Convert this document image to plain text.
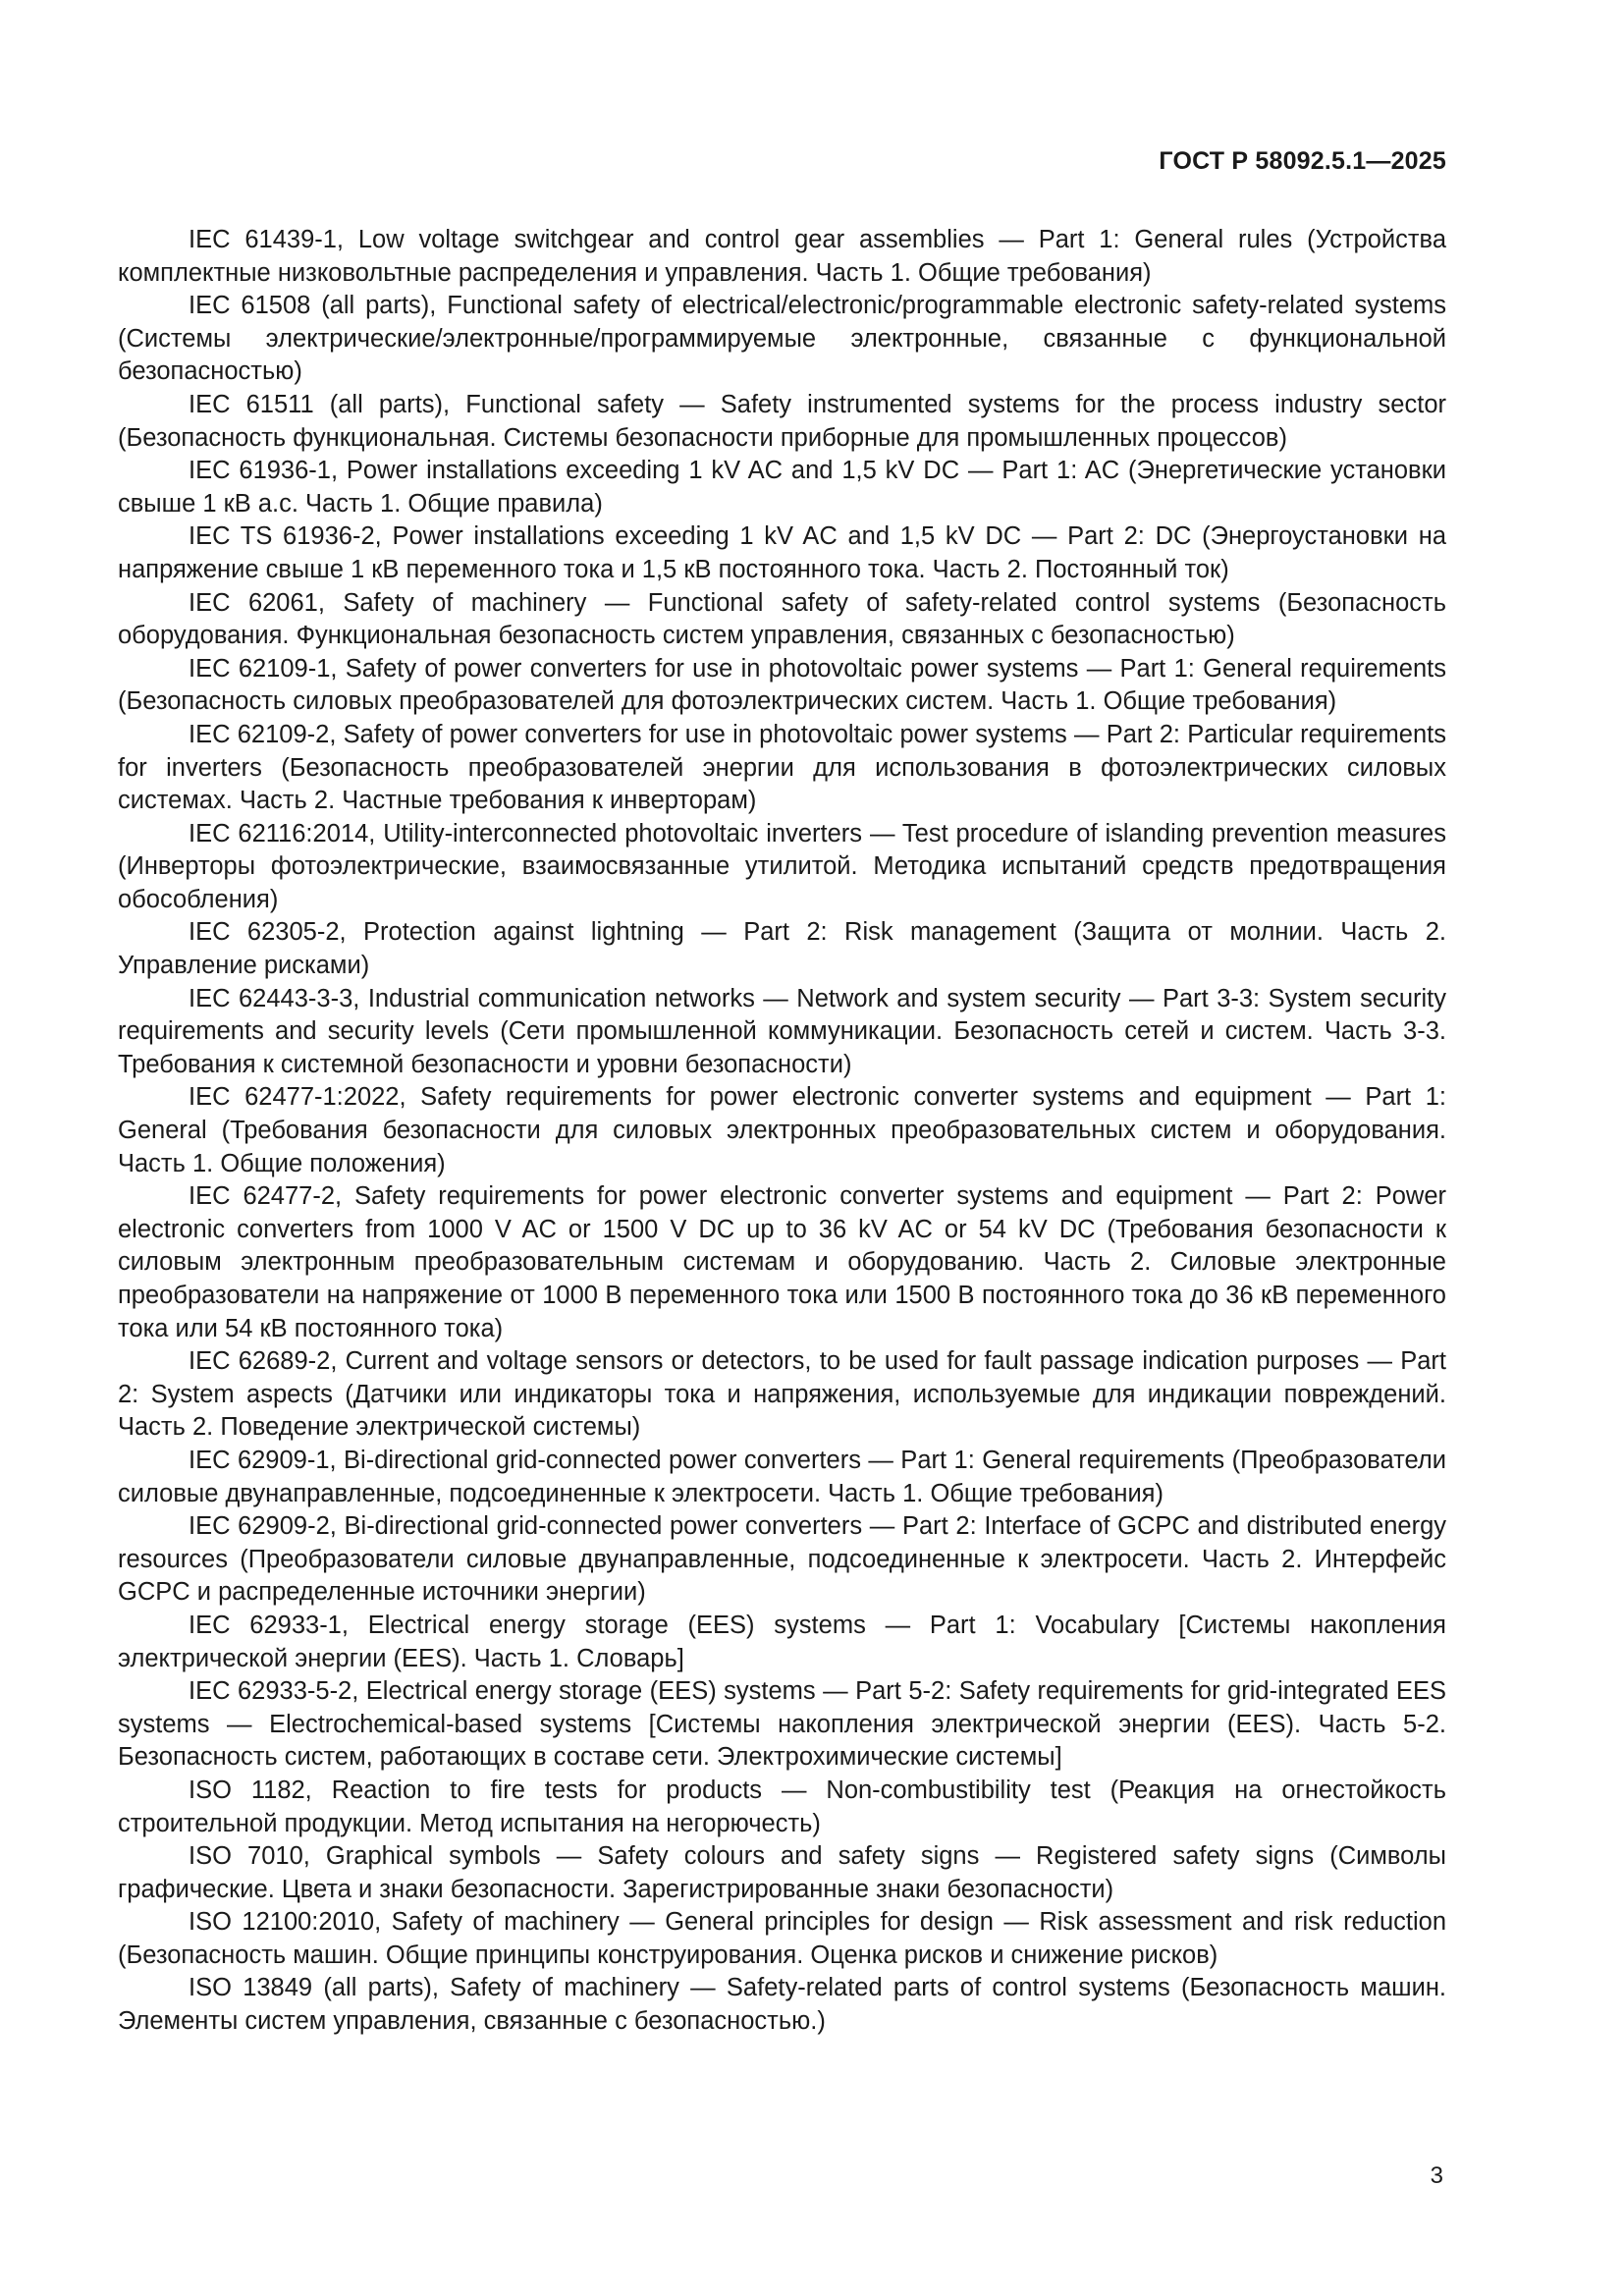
ГОСТ Р 58092.5.1—2025

IEC 61439-1, Low voltage switchgear and control gear assemblies — Part 1: General rules (Устройства комплектные низковольтные распределения и управления. Часть 1. Общие требования)

IEC 61508 (all parts), Functional safety of electrical/electronic/programmable electronic safety-related systems (Системы электрические/электронные/программируемые электронные, связанные с функциональной безопасностью)

IEC 61511 (all parts), Functional safety — Safety instrumented systems for the process industry sector (Безопасность функциональная. Системы безопасности приборные для промышленных процессов)

IEC 61936-1, Power installations exceeding 1 kV AC and 1,5 kV DC — Part 1: AC (Энергетические установки свыше 1 кВ a.c. Часть 1. Общие правила)

IEC TS 61936-2, Power installations exceeding 1 kV AC and 1,5 kV DC — Part 2: DC (Энергоустановки на напряжение свыше 1 кВ переменного тока и 1,5 кВ постоянного тока. Часть 2. Постоянный ток)

IEC 62061, Safety of machinery — Functional safety of safety-related control systems (Безопасность оборудования. Функциональная безопасность систем управления, связанных с безопасностью)

IEC 62109-1, Safety of power converters for use in photovoltaic power systems — Part 1: General requirements (Безопасность силовых преобразователей для фотоэлектрических систем. Часть 1. Общие требования)

IEC 62109-2, Safety of power converters for use in photovoltaic power systems — Part 2: Particular requirements for inverters (Безопасность преобразователей энергии для использования в фотоэлектрических силовых системах. Часть 2. Частные требования к инверторам)

IEC 62116:2014, Utility-interconnected photovoltaic inverters — Test procedure of islanding prevention measures (Инверторы фотоэлектрические, взаимосвязанные утилитой. Методика испытаний средств предотвращения обособления)

IEC 62305-2, Protection against lightning — Part 2: Risk management (Защита от молнии. Часть 2. Управление рисками)

IEC 62443-3-3, Industrial communication networks — Network and system security — Part 3-3: System security requirements and security levels (Сети промышленной коммуникации. Безопасность сетей и систем. Часть 3-3. Требования к системной безопасности и уровни безопасности)

IEC 62477-1:2022, Safety requirements for power electronic converter systems and equipment — Part 1: General (Требования безопасности для силовых электронных преобразовательных систем и оборудования. Часть 1. Общие положения)

IEC 62477-2, Safety requirements for power electronic converter systems and equipment — Part 2: Power electronic converters from 1000 V AC or 1500 V DC up to 36 kV AC or 54 kV DC (Требования безопасности к силовым электронным преобразовательным системам и оборудованию. Часть 2. Силовые электронные преобразователи на напряжение от 1000 В переменного тока или 1500 В постоянного тока до 36 кВ переменного тока или 54 кВ постоянного тока)

IEC 62689-2, Current and voltage sensors or detectors, to be used for fault passage indication purposes — Part 2: System aspects (Датчики или индикаторы тока и напряжения, используемые для индикации повреждений. Часть 2. Поведение электрической системы)

IEC 62909-1, Bi-directional grid-connected power converters — Part 1: General requirements (Преобразователи силовые двунаправленные, подсоединенные к электросети. Часть 1. Общие требования)

IEC 62909-2, Bi-directional grid-connected power converters — Part 2: Interface of GCPC and distributed energy resources (Преобразователи силовые двунаправленные, подсоединенные к электросети. Часть 2. Интерфейс GCPC и распределенные источники энергии)

IEC 62933-1, Electrical energy storage (EES) systems — Part 1: Vocabulary [Системы накопления электрической энергии (EES). Часть 1. Словарь]

IEC 62933-5-2, Electrical energy storage (EES) systems — Part 5-2: Safety requirements for grid-integrated EES systems — Electrochemical-based systems [Системы накопления электрической энергии (EES). Часть 5-2. Безопасность систем, работающих в составе сети. Электрохимические системы]

ISO 1182, Reaction to fire tests for products — Non-combustibility test (Реакция на огнестойкость строительной продукции. Метод испытания на негорючесть)

ISO 7010, Graphical symbols — Safety colours and safety signs — Registered safety signs (Символы графические. Цвета и знаки безопасности. Зарегистрированные знаки безопасности)

ISO 12100:2010, Safety of machinery — General principles for design — Risk assessment and risk reduction (Безопасность машин. Общие принципы конструирования. Оценка рисков и снижение рисков)

ISO 13849 (all parts), Safety of machinery — Safety-related parts of control systems (Безопасность машин. Элементы систем управления, связанные с безопасностью.)

3
